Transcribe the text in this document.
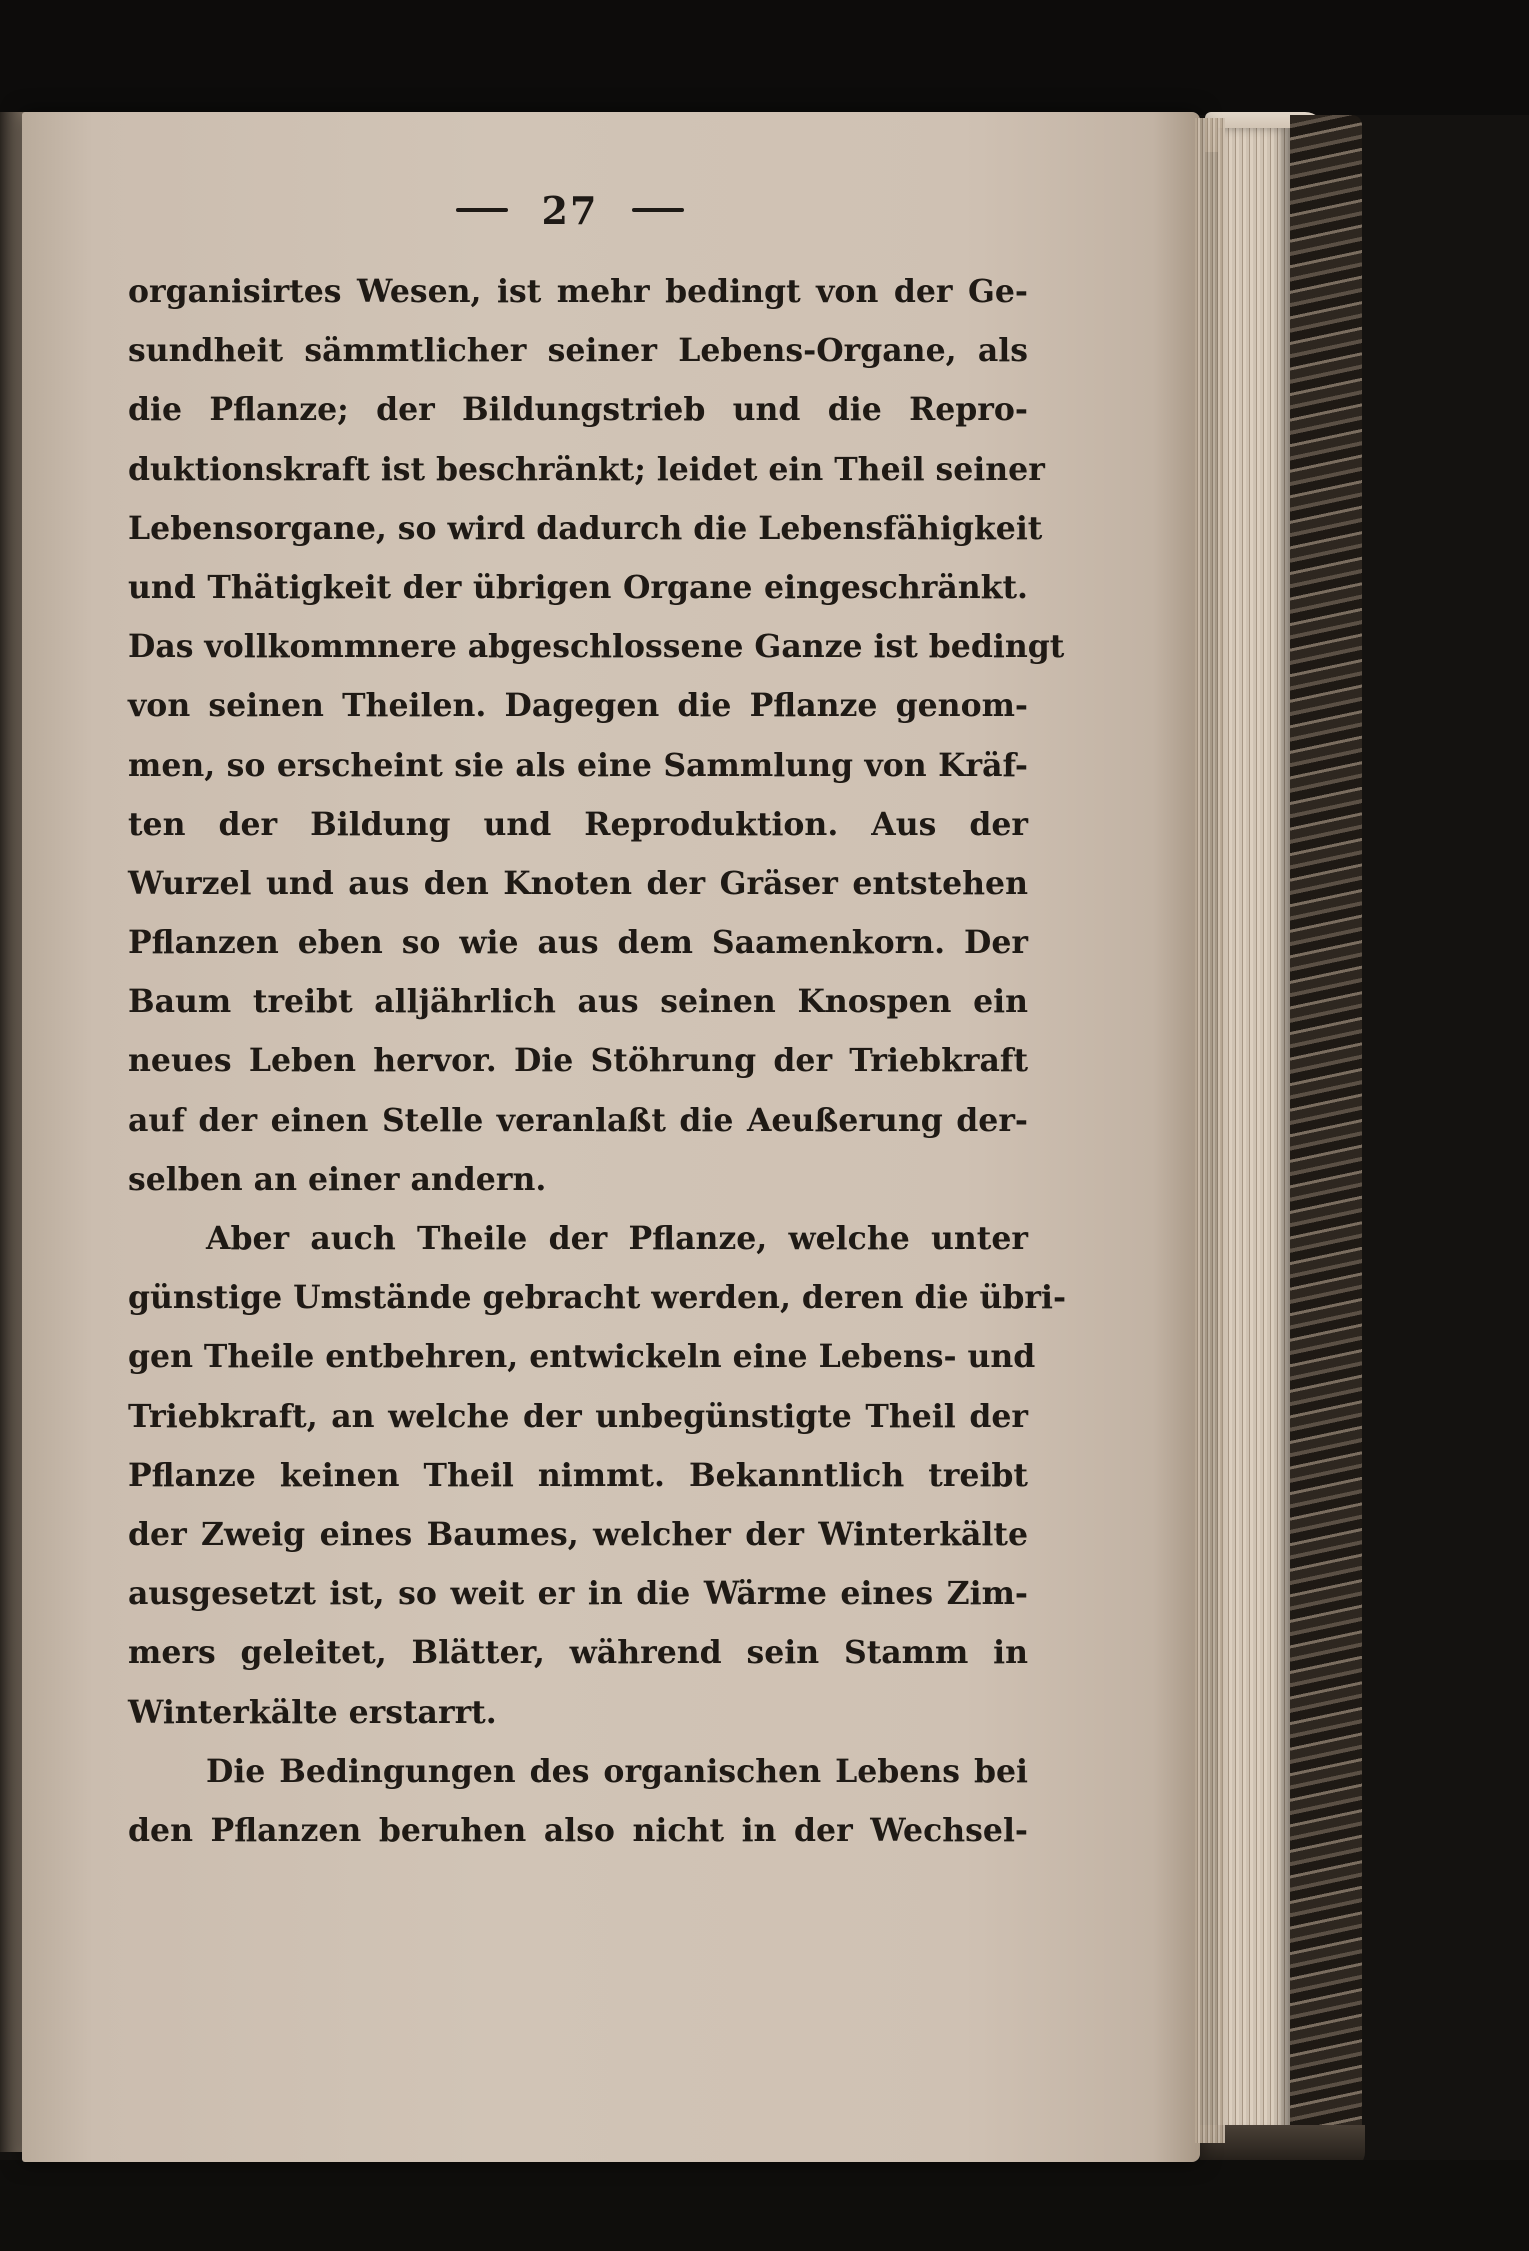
27
organisirtes Wesen, ist mehr bedingt von der Ge-
sundheit sämmtlicher seiner Lebens-Organe, als
die Pflanze; der Bildungstrieb und die Repro-
duktionskraft ist beschränkt; leidet ein Theil seiner
Lebensorgane, so wird dadurch die Lebensfähigkeit
und Thätigkeit der übrigen Organe eingeschränkt.
Das vollkommnere abgeschlossene Ganze ist bedingt
von seinen Theilen. Dagegen die Pflanze genom-
men, so erscheint sie als eine Sammlung von Kräf-
ten der Bildung und Reproduktion. Aus der
Wurzel und aus den Knoten der Gräser entstehen
Pflanzen eben so wie aus dem Saamenkorn. Der
Baum treibt alljährlich aus seinen Knospen ein
neues Leben hervor. Die Stöhrung der Triebkraft
auf der einen Stelle veranlaßt die Aeußerung der-
selben an einer andern.
Aber auch Theile der Pflanze, welche unter
günstige Umstände gebracht werden, deren die übri-
gen Theile entbehren, entwickeln eine Lebens- und
Triebkraft, an welche der unbegünstigte Theil der
Pflanze keinen Theil nimmt. Bekanntlich treibt
der Zweig eines Baumes, welcher der Winterkälte
ausgesetzt ist, so weit er in die Wärme eines Zim-
mers geleitet, Blätter, während sein Stamm in
Winterkälte erstarrt.
Die Bedingungen des organischen Lebens bei
den Pflanzen beruhen also nicht in der Wechsel-
